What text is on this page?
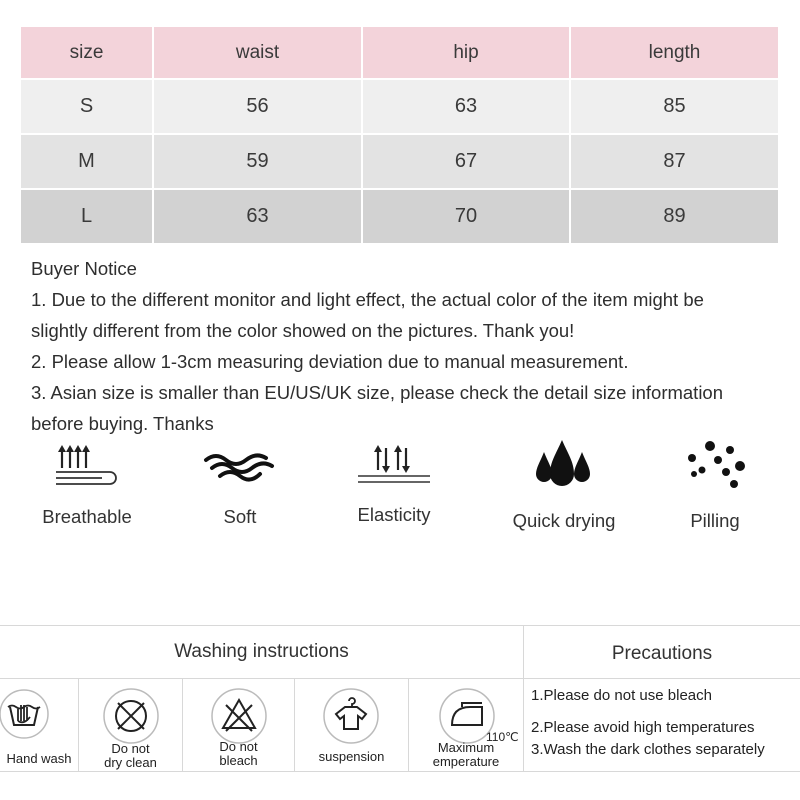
size	waist	hip	length
S	56	63	85
M	59	67	87
L	63	70	89

Buyer Notice

1. Due to the different monitor and light effect, the actual color of the item might be

slightly different from the color showed on the pictures. Thank you!

2. Please allow 1-3cm measuring deviation due to manual measurement.

3. Asian size is smaller than EU/US/UK size, please check the detail size information

before buying. Thanks

Breathable	Soft	Elasticity	Quick drying	Pilling
Washing instructions	Precautions
Hand wash
Do not
dry clean
Do not
bleach	suspension
Maximum
emperature
110℃
1.Please do not use bleach
2.Please avoid high temperatures
3.Wash the dark clothes separately
